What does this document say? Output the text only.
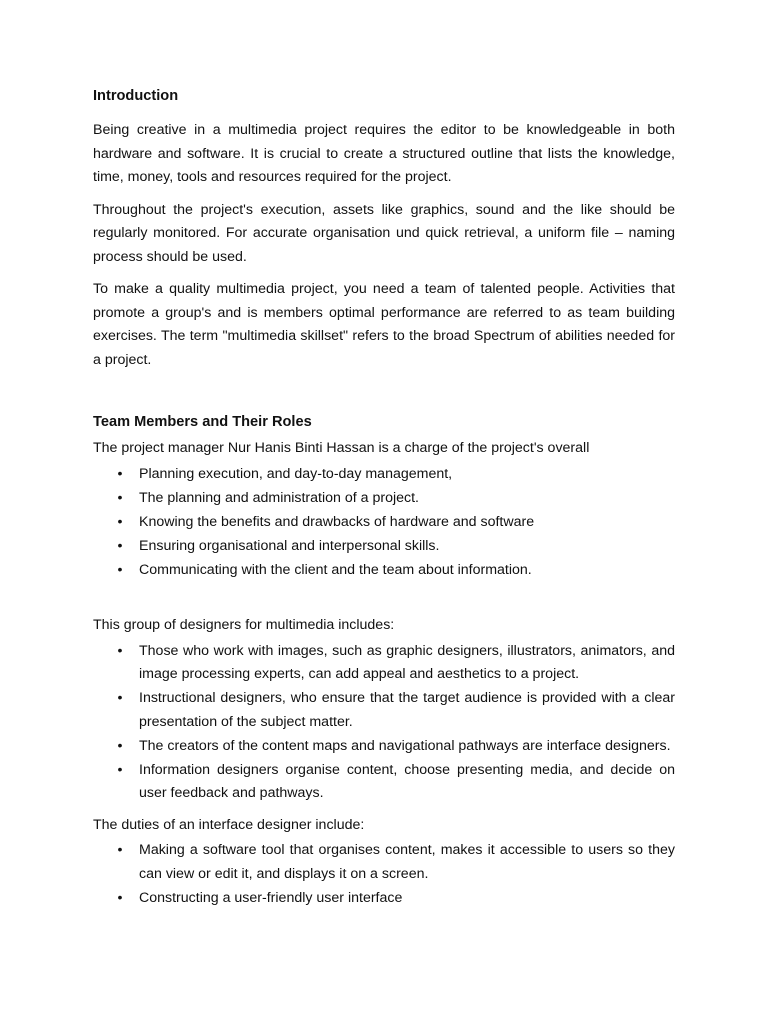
Introduction

Being creative in a multimedia project requires the editor to be knowledgeable in both hardware and software. It is crucial to create a structured outline that lists the knowledge, time, money, tools and resources required for the project.

Throughout the project's execution, assets like graphics, sound and the like should be regularly monitored. For accurate organisation und quick retrieval, a uniform file – naming process should be used.

To make a quality multimedia project, you need a team of talented people. Activities that promote a group's and is members optimal performance are referred to as team building exercises. The term "multimedia skillset" refers to the broad Spectrum of abilities needed for a project.

Team Members and Their Roles

The project manager Nur Hanis Binti Hassan is a charge of the project's overall

• Planning execution, and day-to-day management,
• The planning and administration of a project.
• Knowing the benefits and drawbacks of hardware and software
• Ensuring organisational and interpersonal skills.
• Communicating with the client and the team about information.

This group of designers for multimedia includes:

• Those who work with images, such as graphic designers, illustrators, animators, and image processing experts, can add appeal and aesthetics to a project.
• Instructional designers, who ensure that the target audience is provided with a clear presentation of the subject matter.
• The creators of the content maps and navigational pathways are interface designers.
• Information designers organise content, choose presenting media, and decide on user feedback and pathways.

The duties of an interface designer include:

• Making a software tool that organises content, makes it accessible to users so they can view or edit it, and displays it on a screen.
• Constructing a user-friendly user interface
